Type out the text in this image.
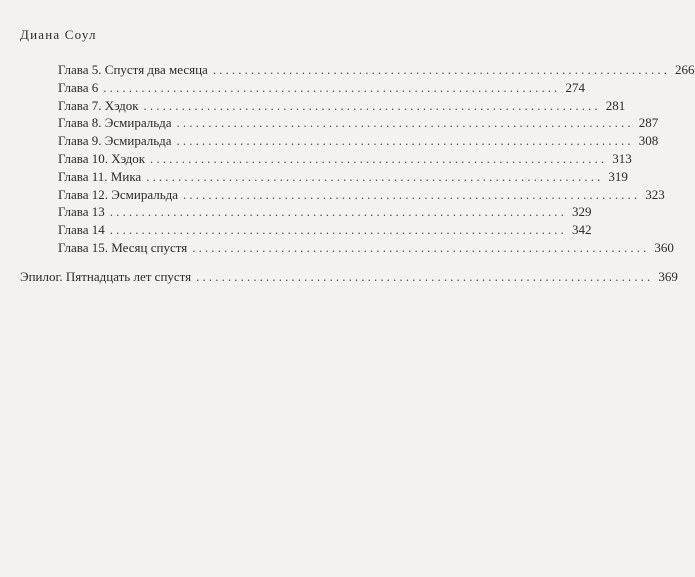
Диана Соул
Глава 5. Спустя два месяца ........................................................................ 266
Глава 6 ........................................................................ 274
Глава 7. Хэдок ........................................................................ 281
Глава 8. Эсмиральда ........................................................................ 287
Глава 9. Эсмиральда ........................................................................ 308
Глава 10. Хэдок ........................................................................ 313
Глава 11. Мика ........................................................................ 319
Глава 12. Эсмиральда ........................................................................ 323
Глава 13 ........................................................................ 329
Глава 14 ........................................................................ 342
Глава 15. Месяц спустя ........................................................................ 360
Эпилог. Пятнадцать лет спустя ........................................................................ 369
